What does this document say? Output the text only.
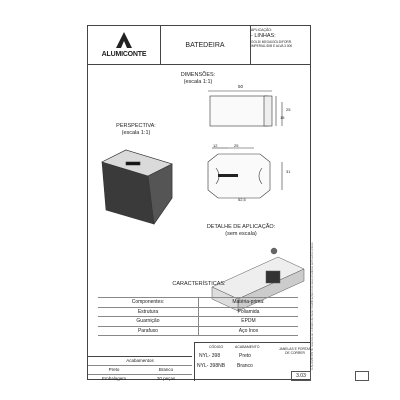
ALUMICONTE
BATEDEIRA
APLICAÇÃO:
- LINHAS:
GOLD\ MEGA\GOLD\FORR. IMPERIAL\DIB E ALVA 3.000
DIMENSÕES:
(escala 1:1)
50
25
15
12	25
31
52,5
PERSPECTIVA:
(escala 1:1)
DETALHE DE APLICAÇÃO:
(sem escala)
CARACTERÍSTICAS:
Componentes:	Matéria-prima:
Estrutura	Poliamida
Guarnição	EPDM
Parafuso	Aço Inox
Acabamentos
Preto	Branco
Embalagem	20 peças
CÓDIGO	ACABAMENTO
NYL- 398	Preto
NYL- 398NB Branco
JANELAS E PORTAS DE CORRER
3.03
A ALUMICONTE reserva-se o direito de fazer modificações nos seus produtos sem aviso prévio.
